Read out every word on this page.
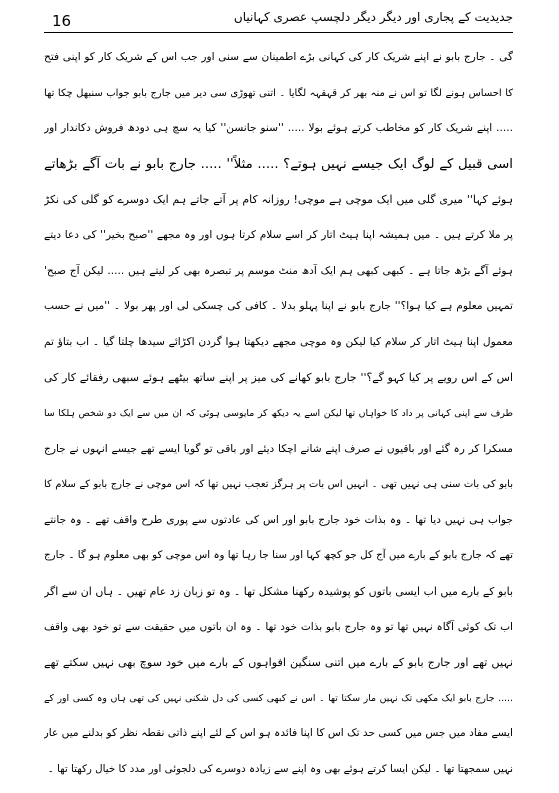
16	جدیدیت کے پجاری اور دیگر دیگر دلچسپ عصری کہانیاں
گی ۔ جارج بابو نے اپنے شریک کار کی کہانی بڑے اطمینان سے سنی اور جب اس کے شریک کار کو اپنی فتح
کا احساس ہونے لگا تو اس نے منہ بھر کر قہقہہ لگایا ۔ اتنی تھوڑی سی دیر میں جارج بابو جواب سنبھل چکا تھا
..... اپنے شریک کار کو مخاطب کرتے ہوئے بولا ..... ''سنو جانسن'' کیا یہ سچ ہی دودھ فروش دکاندار اور
اسی قبیل کے لوگ ایک جیسے نہیں ہوتے؟ ..... مثلاً'' ..... جارج بابو نے بات آگے بڑھاتے
ہوئے کہا'' میری گلی میں ایک موچی ہے موچی! روزانہ کام پر آتے جاتے ہم ایک دوسرے کو گلی کی نکڑ
پر ملا کرتے ہیں ۔ میں ہمیشہ اپنا ہیٹ اتار کر اسے سلام کرتا ہوں اور وہ مجھے ''صبح بخیر'' کی دعا دیتے
ہوئے آگے بڑھ جاتا ہے ۔ کبھی کبھی ہم ایک آدھ منٹ موسم پر تبصرہ بھی کر لیتے ہیں ..... لیکن آج صبح'
تمہیں معلوم ہے کیا ہوا؟'' جارج بابو نے اپنا پہلو بدلا ۔ کافی کی چسکی لی اور پھر بولا ۔ ''میں نے حسب
معمول اپنا ہیٹ اتار کر سلام کیا لیکن وہ موچی مجھے دیکھتا ہوا گردن اکڑائے سیدھا چلتا گیا ۔ اب بتاؤ تم
اس کے اس رویے پر کیا کہو گے؟'' جارج بابو کھانے کی میز پر اپنے ساتھ بیٹھے ہوئے سبھی رفقائے کار کی
طرف سے اپنی کہانی پر داد کا خواہاں تھا لیکن اسے یہ دیکھ کر مایوسی ہوئی کہ ان میں سے ایک دو شخص ہلکا سا
مسکرا کر رہ گئے اور باقیوں نے صرف اپنے شانے اچکا دیئے اور باقی تو گویا ایسے تھے جیسے انہوں نے جارج
بابو کی بات سنی ہی نہیں تھی ۔ انہیں اس بات پر ہرگز تعجب نہیں تھا کہ اس موچی نے جارج بابو کے سلام کا
جواب ہی نہیں دیا تھا ۔ وہ بذات خود جارج بابو اور اس کی عادتوں سے پوری طرح واقف تھے ۔ وہ جانتے
تھے کہ جارج بابو کے بارے میں آج کل جو کچھ کہا اور سنا جا رہا تھا وہ اس موچی کو بھی معلوم ہو گا ۔ جارج
بابو کے بارے میں اب ایسی باتوں کو پوشیدہ رکھنا مشکل تھا ۔ وہ تو زبان زد عام تھیں ۔ ہاں ان سے اگر
اب تک کوئی آگاہ نہیں تھا تو وہ جارج بابو بذات خود تھا ۔ وہ ان باتوں میں حقیقت سے تو خود بھی واقف
نہیں تھے اور جارج بابو کے بارے میں اتنی سنگین افواہوں کے بارے میں خود سوچ بھی نہیں سکتے تھے
..... جارج بابو ایک مکھی تک نہیں مار سکتا تھا ۔ اس نے کبھی کسی کی دل شکنی نہیں کی تھی ہاں وہ کسی اور کے
ایسے مفاد میں جس میں کسی حد تک اس کا اپنا فائدہ ہو اس کے لئے اپنے ذاتی نقطہ نظر کو بدلنے میں عار
نہیں سمجھتا تھا ۔ لیکن ایسا کرتے ہوئے بھی وہ اپنے سے زیادہ دوسرے کی دلجوئی اور مدد کا خیال رکھتا تھا ۔
